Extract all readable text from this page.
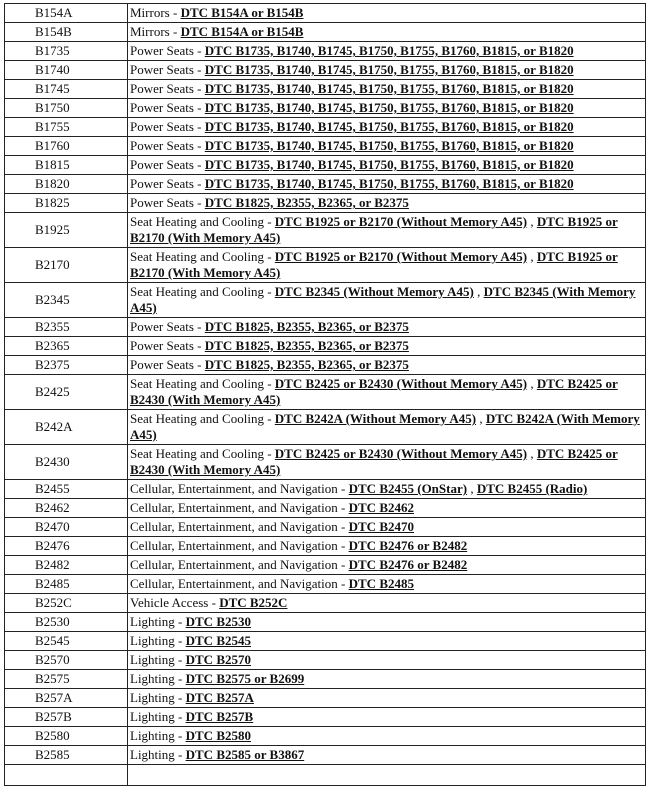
B154A	Mirrors - DTC B154A or B154B
B154B	Mirrors - DTC B154A or B154B
B1735	Power Seats - DTC B1735, B1740, B1745, B1750, B1755, B1760, B1815, or B1820
B1740	Power Seats - DTC B1735, B1740, B1745, B1750, B1755, B1760, B1815, or B1820
B1745	Power Seats - DTC B1735, B1740, B1745, B1750, B1755, B1760, B1815, or B1820
B1750	Power Seats - DTC B1735, B1740, B1745, B1750, B1755, B1760, B1815, or B1820
B1755	Power Seats - DTC B1735, B1740, B1745, B1750, B1755, B1760, B1815, or B1820
B1760	Power Seats - DTC B1735, B1740, B1745, B1750, B1755, B1760, B1815, or B1820
B1815	Power Seats - DTC B1735, B1740, B1745, B1750, B1755, B1760, B1815, or B1820
B1820	Power Seats - DTC B1735, B1740, B1745, B1750, B1755, B1760, B1815, or B1820
B1825	Power Seats - DTC B1825, B2355, B2365, or B2375
B1925	Seat Heating and Cooling - DTC B1925 or B2170 (Without Memory A45) , DTC B1925 or B2170 (With Memory A45)
B2170	Seat Heating and Cooling - DTC B1925 or B2170 (Without Memory A45) , DTC B1925 or B2170 (With Memory A45)
B2345	Seat Heating and Cooling - DTC B2345 (Without Memory A45) , DTC B2345 (With Memory A45)
B2355	Power Seats - DTC B1825, B2355, B2365, or B2375
B2365	Power Seats - DTC B1825, B2355, B2365, or B2375
B2375	Power Seats - DTC B1825, B2355, B2365, or B2375
B2425	Seat Heating and Cooling - DTC B2425 or B2430 (Without Memory A45) , DTC B2425 or B2430 (With Memory A45)
B242A	Seat Heating and Cooling - DTC B242A (Without Memory A45) , DTC B242A (With Memory A45)
B2430	Seat Heating and Cooling - DTC B2425 or B2430 (Without Memory A45) , DTC B2425 or B2430 (With Memory A45)
B2455	Cellular, Entertainment, and Navigation - DTC B2455 (OnStar) , DTC B2455 (Radio)
B2462	Cellular, Entertainment, and Navigation - DTC B2462
B2470	Cellular, Entertainment, and Navigation - DTC B2470
B2476	Cellular, Entertainment, and Navigation - DTC B2476 or B2482
B2482	Cellular, Entertainment, and Navigation - DTC B2476 or B2482
B2485	Cellular, Entertainment, and Navigation - DTC B2485
B252C	Vehicle Access - DTC B252C
B2530	Lighting - DTC B2530
B2545	Lighting - DTC B2545
B2570	Lighting - DTC B2570
B2575	Lighting - DTC B2575 or B2699
B257A	Lighting - DTC B257A
B257B	Lighting - DTC B257B
B2580	Lighting - DTC B2580
B2585	Lighting - DTC B2585 or B3867
